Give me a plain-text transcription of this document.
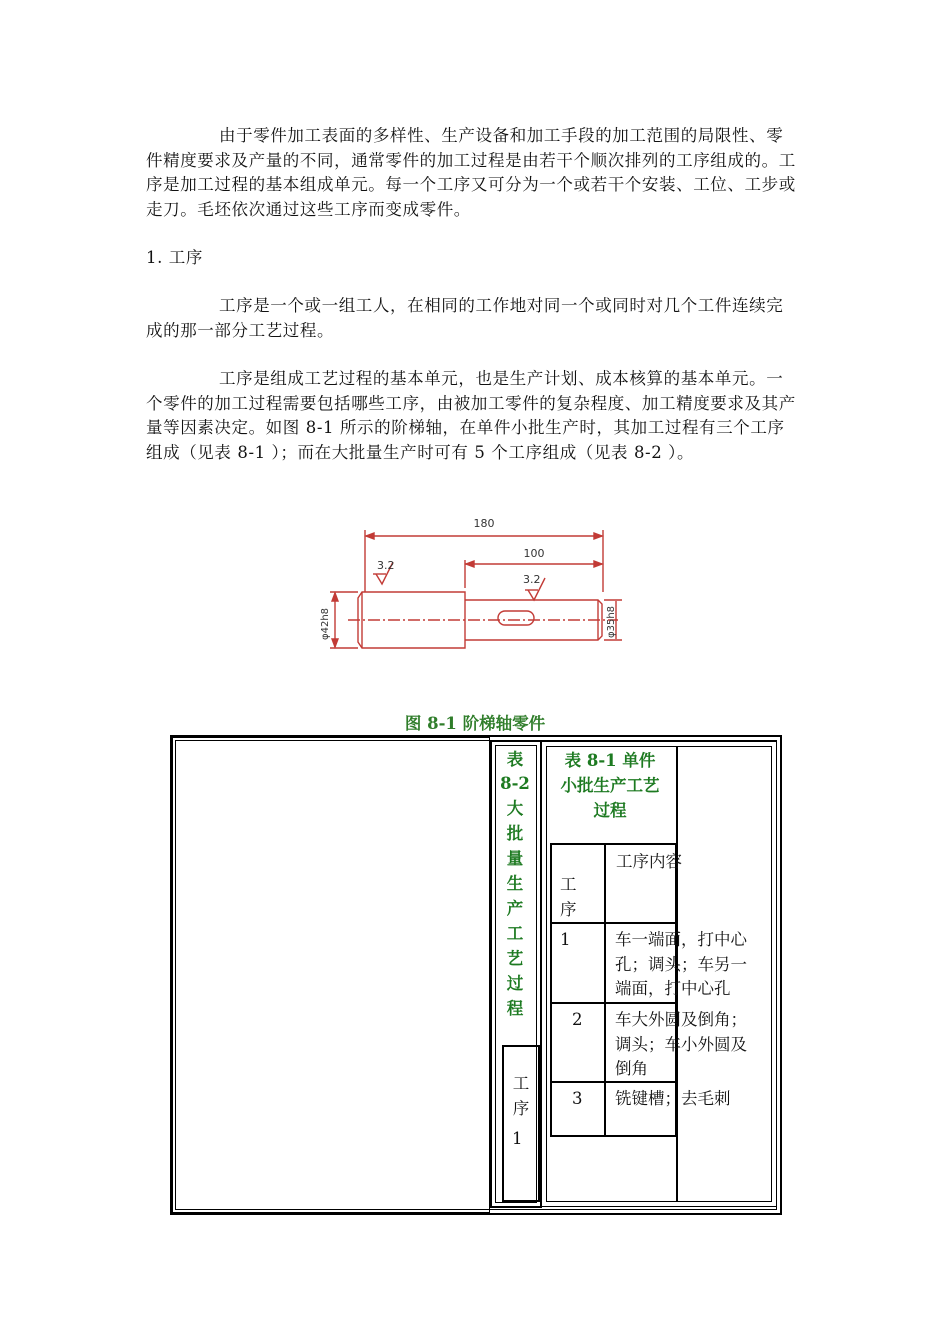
由于零件加工表面的多样性、生产设备和加工手段的加工范围的局限性、零件精度要求及产量的不同，通常零件的加工过程是由若干个顺次排列的工序组成的。工序是加工过程的基本组成单元。每一个工序又可分为一个或若干个安装、工位、工步或走刀。毛坯依次通过这些工序而变成零件。

1. 工序

工序是一个或一组工人，在相同的工作地对同一个或同时对几个工件连续完成的那一部分工艺过程。

工序是组成工艺过程的基本单元，也是生产计划、成本核算的基本单元。一个零件的加工过程需要包括哪些工序，由被加工零件的复杂程度、加工精度要求及其产量等因素决定。如图 8-1 所示的阶梯轴，在单件小批生产时，其加工过程有三个工序组成（见表 8-1 ）；而在大批量生产时可有 5 个工序组成（见表 8-2 ）。

180
100
3.2
3.2
φ42h8	φ35h8
图 8-1 阶梯轴零件
表
8-2
大
批
量
生
产
工
艺
过
程
工
序
1
表 8-1 单件
小批生产工艺
过程
工
序
工序内容
1	车一端面，打中心
孔；调头；车另一
端面，打中心孔
2 车大外圆及倒角；
调头；车小外圆及
倒角
3 铣键槽；去毛刺
